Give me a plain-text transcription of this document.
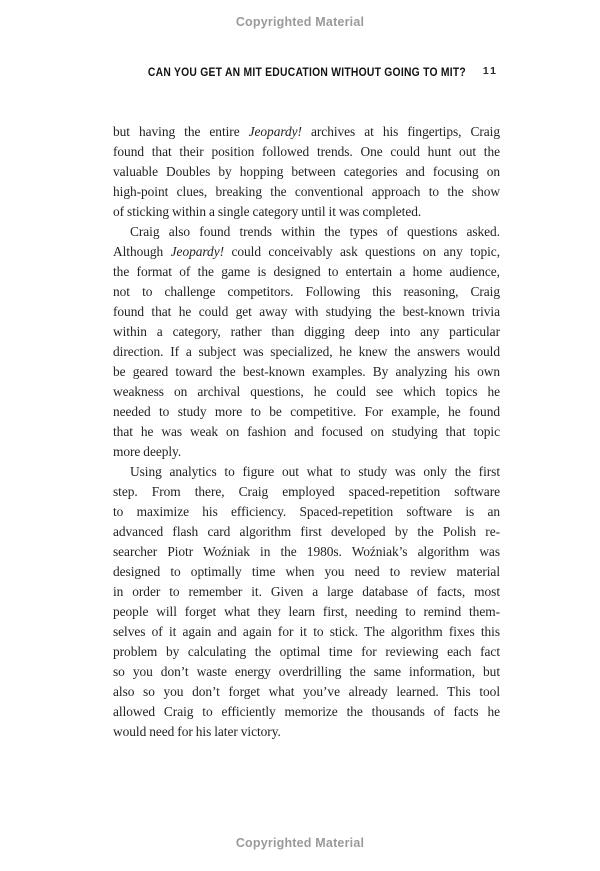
Copyrighted Material
CAN YOU GET AN MIT EDUCATION WITHOUT GOING TO MIT? 11
but having the entire Jeopardy! archives at his fingertips, Craig
found that their position followed trends. One could hunt out the
valuable Doubles by hopping between categories and focusing on
high-point clues, breaking the conventional approach to the show
of sticking within a single category until it was completed.
Craig also found trends within the types of questions asked.
Although Jeopardy! could conceivably ask questions on any topic,
the format of the game is designed to entertain a home audience,
not to challenge competitors. Following this reasoning, Craig
found that he could get away with studying the best-known trivia
within a category, rather than digging deep into any particular
direction. If a subject was specialized, he knew the answers would
be geared toward the best-known examples. By analyzing his own
weakness on archival questions, he could see which topics he
needed to study more to be competitive. For example, he found
that he was weak on fashion and focused on studying that topic
more deeply.
Using analytics to figure out what to study was only the first
step. From there, Craig employed spaced-repetition software
to maximize his efficiency. Spaced-repetition software is an
advanced flash card algorithm first developed by the Polish re-
searcher Piotr Woźniak in the 1980s. Woźniak’s algorithm was
designed to optimally time when you need to review material
in order to remember it. Given a large database of facts, most
people will forget what they learn first, needing to remind them-
selves of it again and again for it to stick. The algorithm fixes this
problem by calculating the optimal time for reviewing each fact
so you don’t waste energy overdrilling the same information, but
also so you don’t forget what you’ve already learned. This tool
allowed Craig to efficiently memorize the thousands of facts he
would need for his later victory.
Copyrighted Material
